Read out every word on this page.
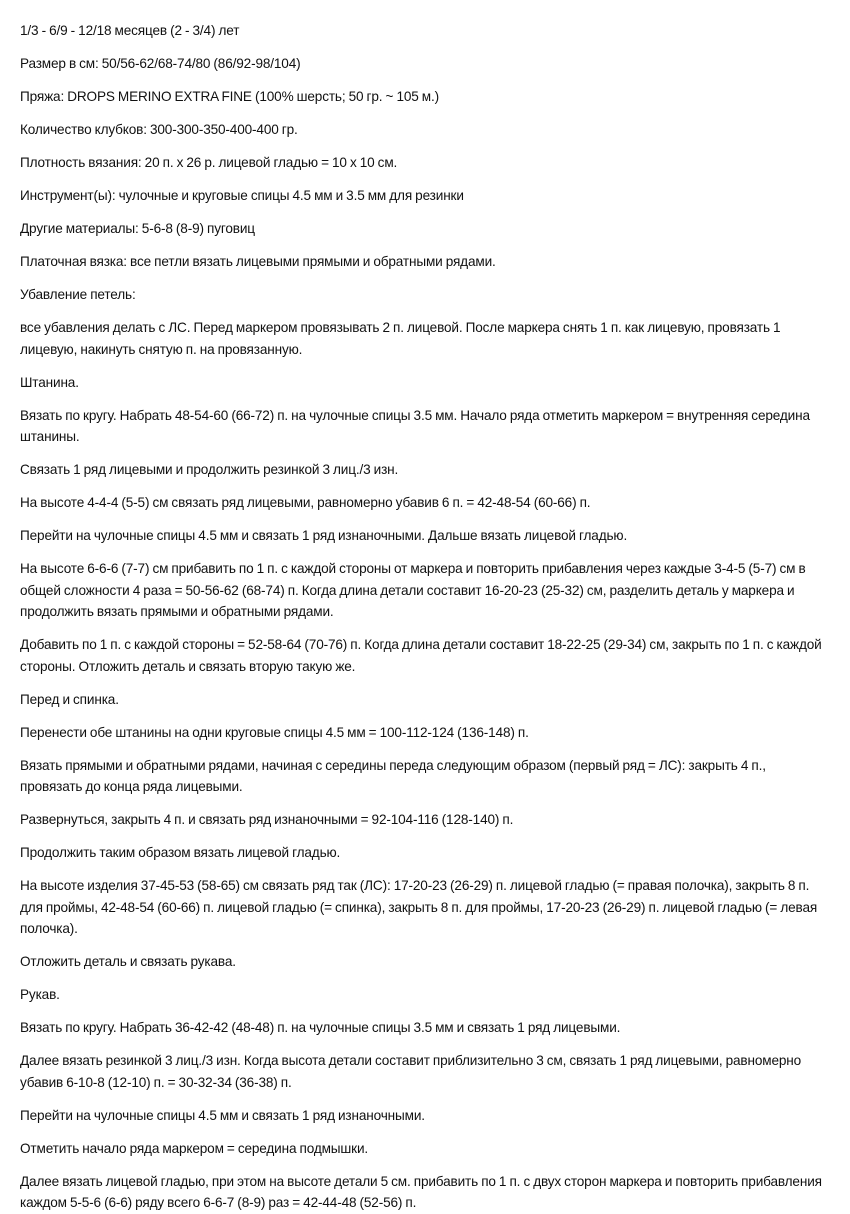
1/3 - 6/9 - 12/18 месяцев (2 - 3/4) лет

Размер в см: 50/56-62/68-74/80 (86/92-98/104)

Пряжа: DROPS MERINO EXTRA FINE (100% шерсть; 50 гр. ~ 105 м.)

Количество клубков: 300-300-350-400-400 гр.

Плотность вязания: 20 п. х 26 р. лицевой гладью = 10 х 10 см.

Инструмент(ы): чулочные и круговые спицы 4.5 мм и 3.5 мм для резинки

Другие материалы: 5-6-8 (8-9) пуговиц

Платочная вязка: все петли вязать лицевыми прямыми и обратными рядами.

Убавление петель:

все убавления делать с ЛС. Перед маркером провязывать 2 п. лицевой. После маркера снять 1 п. как лицевую, провязать 1 лицевую, накинуть снятую п. на провязанную.

Штанина.

Вязать по кругу. Набрать 48-54-60 (66-72) п. на чулочные спицы 3.5 мм. Начало ряда отметить маркером = внутренняя середина штанины.

Связать 1 ряд лицевыми и продолжить резинкой 3 лиц./3 изн.

На высоте 4-4-4 (5-5) см связать ряд лицевыми, равномерно убавив 6 п. = 42-48-54 (60-66) п.

Перейти на чулочные спицы 4.5 мм и связать 1 ряд изнаночными. Дальше вязать лицевой гладью.

На высоте 6-6-6 (7-7) см прибавить по 1 п. с каждой стороны от маркера и повторить прибавления через каждые 3-4-5 (5-7) см в общей сложности 4 раза = 50-56-62 (68-74) п. Когда длина детали составит 16-20-23 (25-32) см, разделить деталь у маркера и продолжить вязать прямыми и обратными рядами.

Добавить по 1 п. с каждой стороны = 52-58-64 (70-76) п. Когда длина детали составит 18-22-25 (29-34) см, закрыть по 1 п. с каждой стороны. Отложить деталь и связать вторую такую же.

Перед и спинка.

Перенести обе штанины на одни круговые спицы 4.5 мм = 100-112-124 (136-148) п.

Вязать прямыми и обратными рядами, начиная с середины переда следующим образом (первый ряд = ЛС): закрыть 4 п., провязать до конца ряда лицевыми.

Развернуться, закрыть 4 п. и связать ряд изнаночными = 92-104-116 (128-140) п.

Продолжить таким образом вязать лицевой гладью.

На высоте изделия 37-45-53 (58-65) см связать ряд так (ЛС): 17-20-23 (26-29) п. лицевой гладью (= правая полочка), закрыть 8 п. для проймы, 42-48-54 (60-66) п. лицевой гладью (= спинка), закрыть 8 п. для проймы, 17-20-23 (26-29) п. лицевой гладью (= левая полочка).

Отложить деталь и связать рукава.

Рукав.

Вязать по кругу. Набрать 36-42-42 (48-48) п. на чулочные спицы 3.5 мм и связать 1 ряд лицевыми.

Далее вязать резинкой 3 лиц./3 изн. Когда высота детали составит приблизительно 3 см, связать 1 ряд лицевыми, равномерно убавив 6-10-8 (12-10) п. = 30-32-34 (36-38) п.

Перейти на чулочные спицы 4.5 мм и связать 1 ряд изнаночными.

Отметить начало ряда маркером = середина подмышки.

Далее вязать лицевой гладью, при этом на высоте детали 5 см. прибавить по 1 п. с двух сторон маркера и повторить прибавления каждом 5-5-6 (6-6) ряду всего 6-6-7 (8-9) раз = 42-44-48 (52-56) п.
